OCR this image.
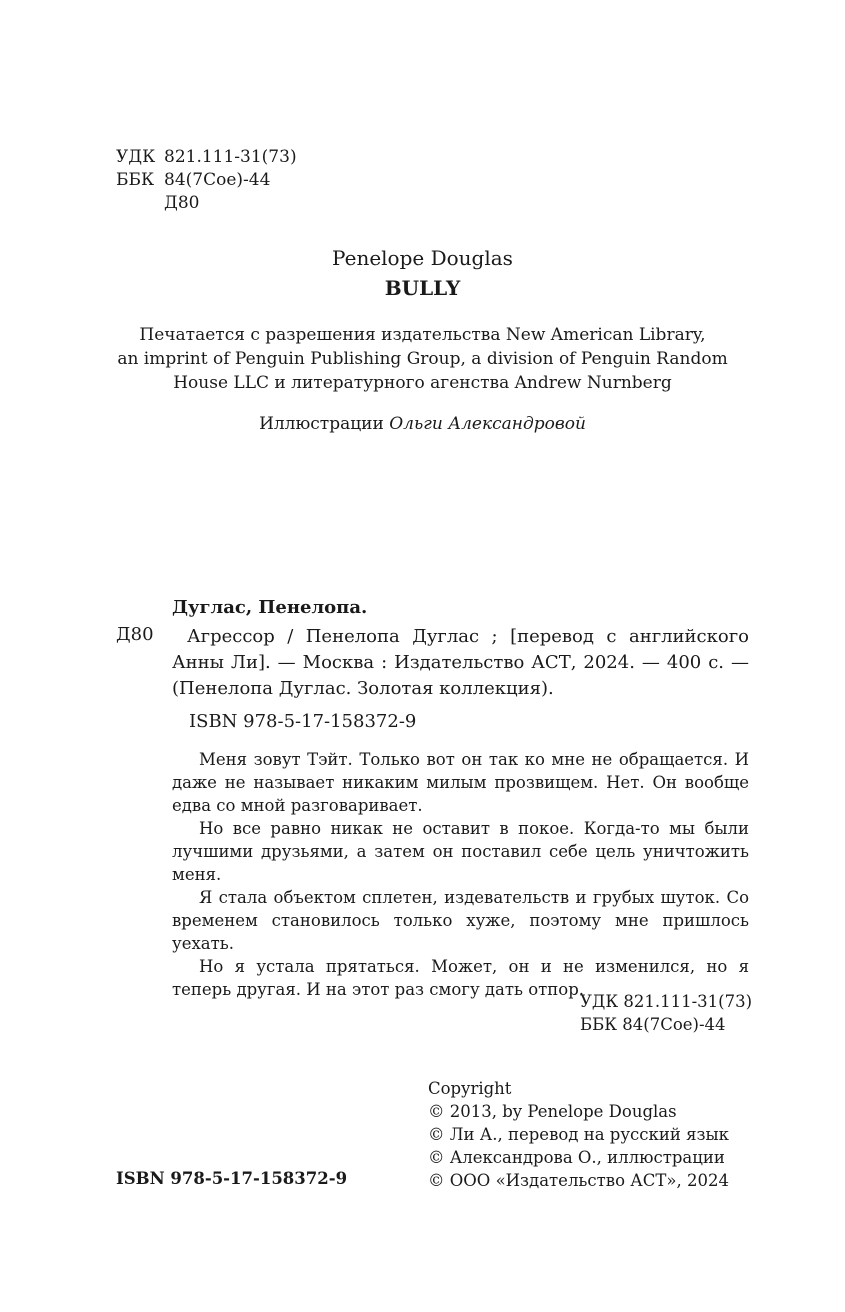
УДК 821.111-31(73)
ББК 84(7Сое)-44
Д80
Penelope Douglas
BULLY
Печатается с разрешения издательства New American Library,
an imprint of Penguin Publishing Group, a division of Penguin Random
House LLC и литературного агенства Andrew Nurnberg
Иллюстрации Ольги Александровой
Дуглас, Пенелопа.
Д80	Агрессор / Пенелопа Дуглас ; [перевод с английского Анны Ли]. — Москва : Издательство АСТ, 2024. — 400 с. — (Пенелопа Дуглас. Золотая коллекция).
ISBN 978-5-17-158372-9

Меня зовут Тэйт. Только вот он так ко мне не обращается. И даже не называет никаким милым прозвищем. Нет. Он вообще едва со мной разговаривает.

Но все равно никак не оставит в покое. Когда-то мы были лучшими друзьями, а затем он поставил себе цель уничтожить меня.

Я стала объектом сплетен, издевательств и грубых шуток. Со временем становилось только хуже, поэтому мне пришлось уехать.

Но я устала прятаться. Может, он и не изменился, но я теперь другая. И на этот раз смогу дать отпор.

УДК 821.111-31(73)
ББК 84(7Сое)-44
Copyright
© 2013, by Penelope Douglas
© Ли А., перевод на русский язык
© Александрова О., иллюстрации
© ООО «Издательство АСТ», 2024
ISBN 978-5-17-158372-9
